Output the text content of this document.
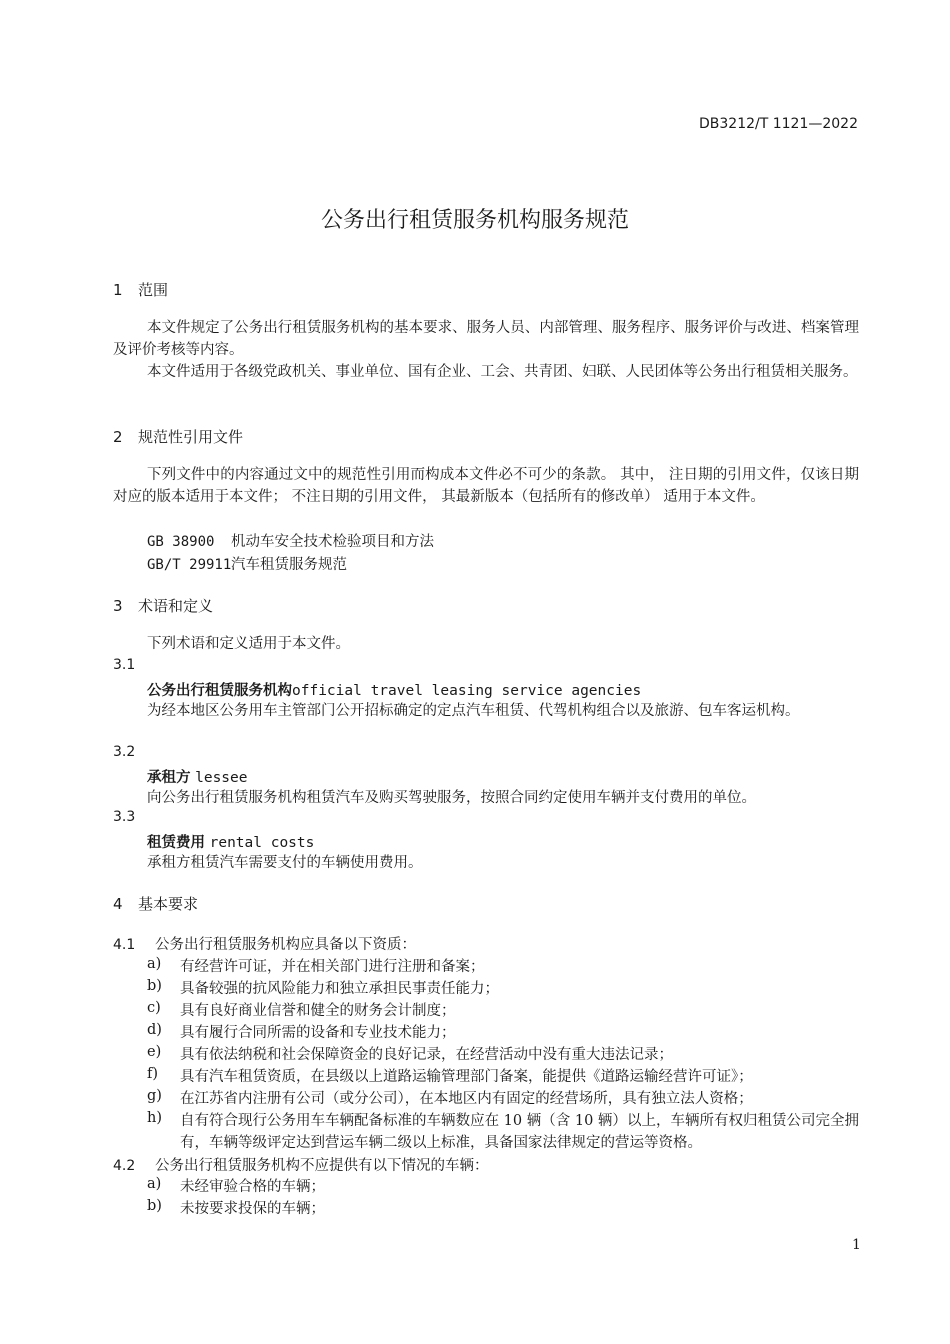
DB3212/T 1121—2022
公务出行租赁服务机构服务规范
1 范围
本文件规定了公务出行租赁服务机构的基本要求、服务人员、内部管理、服务程序、服务评价与改进、档案管理及评价考核等内容。
本文件适用于各级党政机关、事业单位、国有企业、工会、共青团、妇联、人民团体等公务出行租赁相关服务。
2 规范性引用文件
下列文件中的内容通过文中的规范性引用而构成本文件必不可少的条款。 其中， 注日期的引用文件，仅该日期对应的版本适用于本文件； 不注日期的引用文件， 其最新版本（包括所有的修改单） 适用于本文件。
GB 38900 机动车安全技术检验项目和方法
GB/T 29911汽车租赁服务规范
3 术语和定义
下列术语和定义适用于本文件。
3.1
公务出行租赁服务机构official travel leasing service agencies
为经本地区公务用车主管部门公开招标确定的定点汽车租赁、代驾机构组合以及旅游、包车客运机构。
3.2
承租方 lessee
向公务出行租赁服务机构租赁汽车及购买驾驶服务，按照合同约定使用车辆并支付费用的单位。
3.3
租赁费用 rental costs
承租方租赁汽车需要支付的车辆使用费用。
4 基本要求
4.1 公务出行租赁服务机构应具备以下资质：
a) 有经营许可证，并在相关部门进行注册和备案；
b) 具备较强的抗风险能力和独立承担民事责任能力；
c) 具有良好商业信誉和健全的财务会计制度；
d) 具有履行合同所需的设备和专业技术能力；
e) 具有依法纳税和社会保障资金的良好记录，在经营活动中没有重大违法记录；
f) 具有汽车租赁资质，在县级以上道路运输管理部门备案，能提供《道路运输经营许可证》；
g) 在江苏省内注册有公司（或分公司），在本地区内有固定的经营场所，具有独立法人资格；
h) 自有符合现行公务用车车辆配备标准的车辆数应在 10 辆（含 10 辆）以上，车辆所有权归租赁公司完全拥有，车辆等级评定达到营运车辆二级以上标准，具备国家法律规定的营运等资格。
4.2 公务出行租赁服务机构不应提供有以下情况的车辆：
a) 未经审验合格的车辆；
b) 未按要求投保的车辆；
1
